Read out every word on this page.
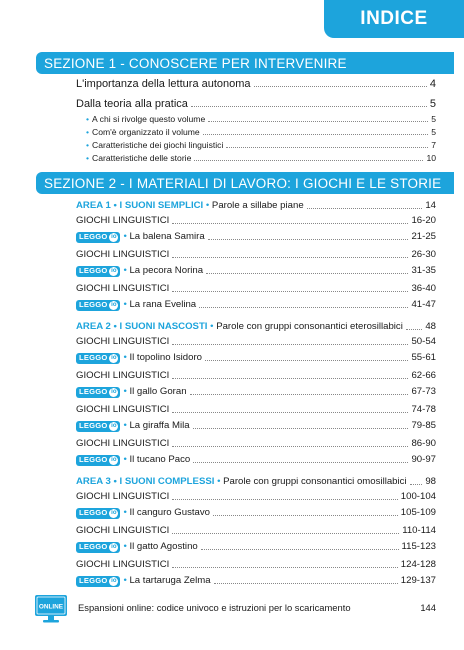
INDICE
SEZIONE 1 - CONOSCERE PER INTERVENIRE
L'importanza della lettura autonoma	4
Dalla teoria alla pratica	5
• A chi si rivolge questo volume	5
• Com'è organizzato il volume	5
• Caratteristiche dei giochi linguistici	7
• Caratteristiche delle storie	10
SEZIONE 2 - I MATERIALI DI LAVORO: I GIOCHI E LE STORIE
AREA 1 • I SUONI SEMPLICI • Parole a sillabe piane	14
GIOCHI LINGUISTICI	16-20
LEGGO io • La balena Samira	21-25
GIOCHI LINGUISTICI	26-30
LEGGO io • La pecora Norina	31-35
GIOCHI LINGUISTICI	36-40
LEGGO io • La rana Evelina	41-47
AREA 2 • I SUONI NASCOSTI • Parole con gruppi consonantici eterosillabici 48
GIOCHI LINGUISTICI	50-54
LEGGO io • Il topolino Isidoro	55-61
GIOCHI LINGUISTICI	62-66
LEGGO io • Il gallo Goran	67-73
GIOCHI LINGUISTICI	74-78
LEGGO io • La giraffa Mila	79-85
GIOCHI LINGUISTICI	86-90
LEGGO io • Il tucano Paco	90-97
AREA 3 • I SUONI COMPLESSI • Parole con gruppi consonantici omosillabici 98
GIOCHI LINGUISTICI	100-104
LEGGO io • Il canguro Gustavo	105-109
GIOCHI LINGUISTICI	110-114
LEGGO io • Il gatto Agostino	115-123
GIOCHI LINGUISTICI	124-128
LEGGO io • La tartaruga Zelma	129-137
ONLINE Espansioni online: codice univoco e istruzioni per lo scaricamento	144
